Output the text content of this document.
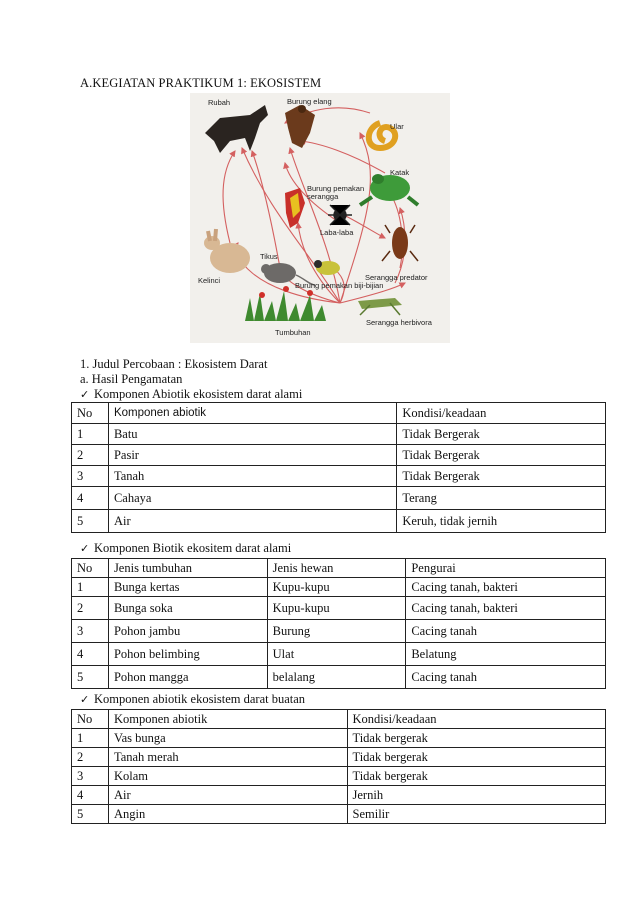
A.KEGIATAN PRAKTIKUM 1: EKOSISTEM
Rubah	Burung elang
Ular
Katak
Burung pemakan
serangga
Laba-laba
Kelinci
Tikus
Serangga predator
Burung pemakan biji-bijian
Tumbuhan
Serangga herbivora
1. Judul Percobaan : Ekosistem Darat
a. Hasil Pengamatan
✓ Komponen Abiotik ekosistem darat alami
No	Komponen abiotik	Kondisi/keadaan
1	Batu	Tidak Bergerak
2	Pasir	Tidak Bergerak
3	Tanah	Tidak Bergerak
4	Cahaya	Terang
5	Air	Keruh, tidak jernih
✓ Komponen Biotik ekositem darat alami
No	Jenis tumbuhan	Jenis hewan	Pengurai
1	Bunga kertas	Kupu-kupu	Cacing tanah, bakteri
2	Bunga soka	Kupu-kupu	Cacing tanah, bakteri
3	Pohon jambu	Burung	Cacing tanah
4	Pohon belimbing	Ulat	Belatung
5	Pohon mangga	belalang	Cacing tanah
✓ Komponen abiotik ekosistem darat buatan
No	Komponen abiotik	Kondisi/keadaan
1	Vas bunga	Tidak bergerak
2	Tanah merah	Tidak bergerak
3	Kolam	Tidak bergerak
4	Air	Jernih
5	Angin	Semilir
